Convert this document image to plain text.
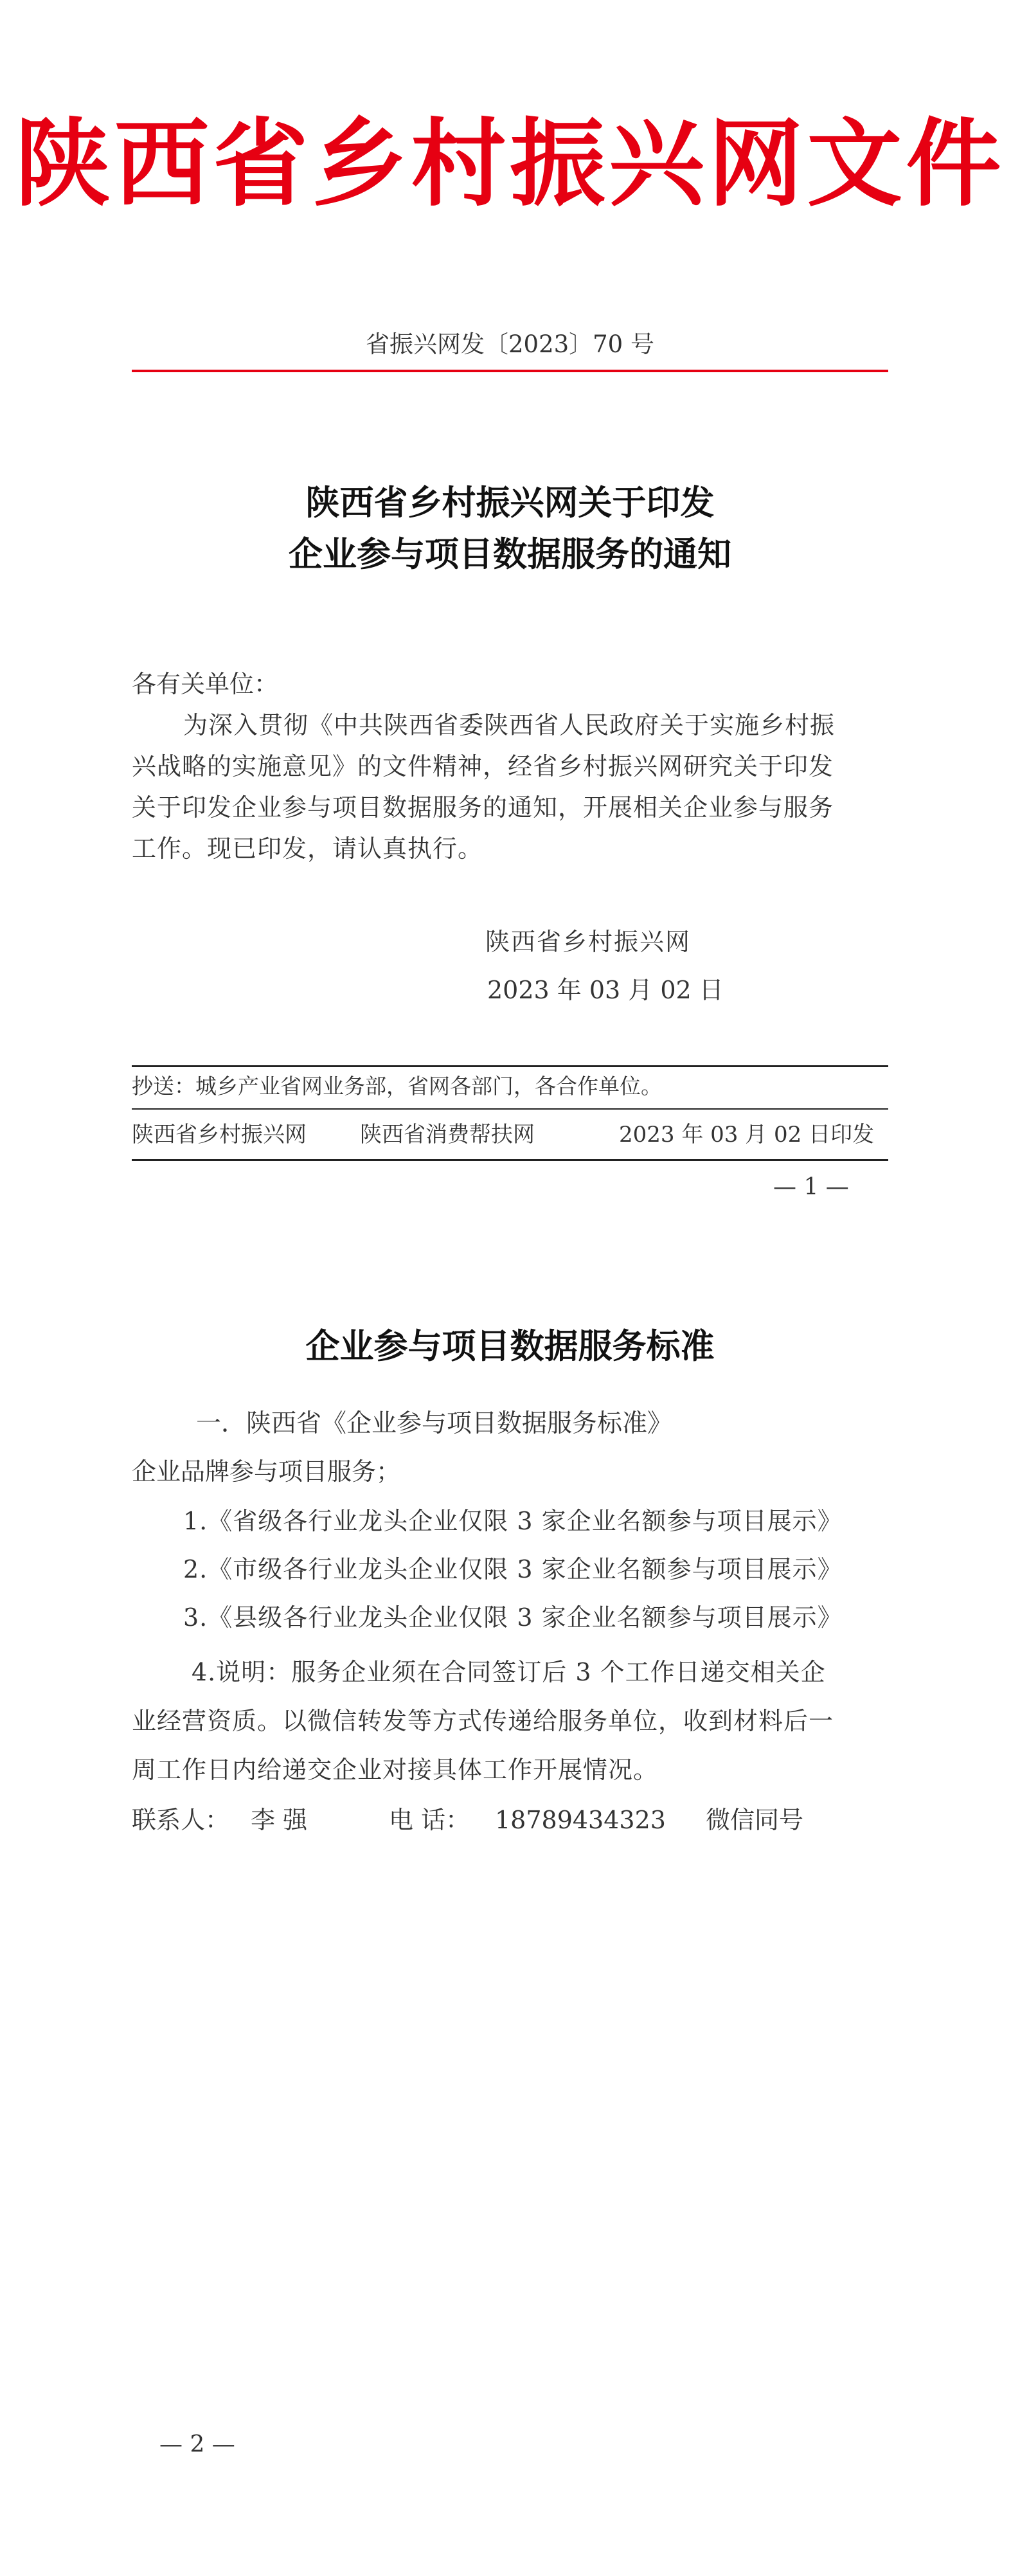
陕西省乡村振兴网文件
省振兴网发〔2023〕70 号
陕西省乡村振兴网关于印发
企业参与项目数据服务的通知
各有关单位：
为深入贯彻《中共陕西省委陕西省人民政府关于实施乡村振
兴战略的实施意见》的文件精神，经省乡村振兴网研究关于印发
关于印发企业参与项目数据服务的通知，开展相关企业参与服务
工作。现已印发，请认真执行。
陕西省乡村振兴网
2023 年 03 月 02 日
抄送：城乡产业省网业务部，省网各部门，各合作单位。
陕西省乡村振兴网 陕西省消费帮扶网	2023 年 03 月 02 日印发
— 1 —
企业参与项目数据服务标准
一．陕西省《企业参与项目数据服务标准》
企业品牌参与项目服务；
1.《省级各行业龙头企业仅限 3 家企业名额参与项目展示》
2.《市级各行业龙头企业仅限 3 家企业名额参与项目展示》
3.《县级各行业龙头企业仅限 3 家企业名额参与项目展示》
4.说明：服务企业须在合同签订后 3 个工作日递交相关企
业经营资质。以微信转发等方式传递给服务单位，收到材料后一
周工作日内给递交企业对接具体工作开展情况。
联系人： 李 强	电 话： 18789434323 微信同号
— 2 —
